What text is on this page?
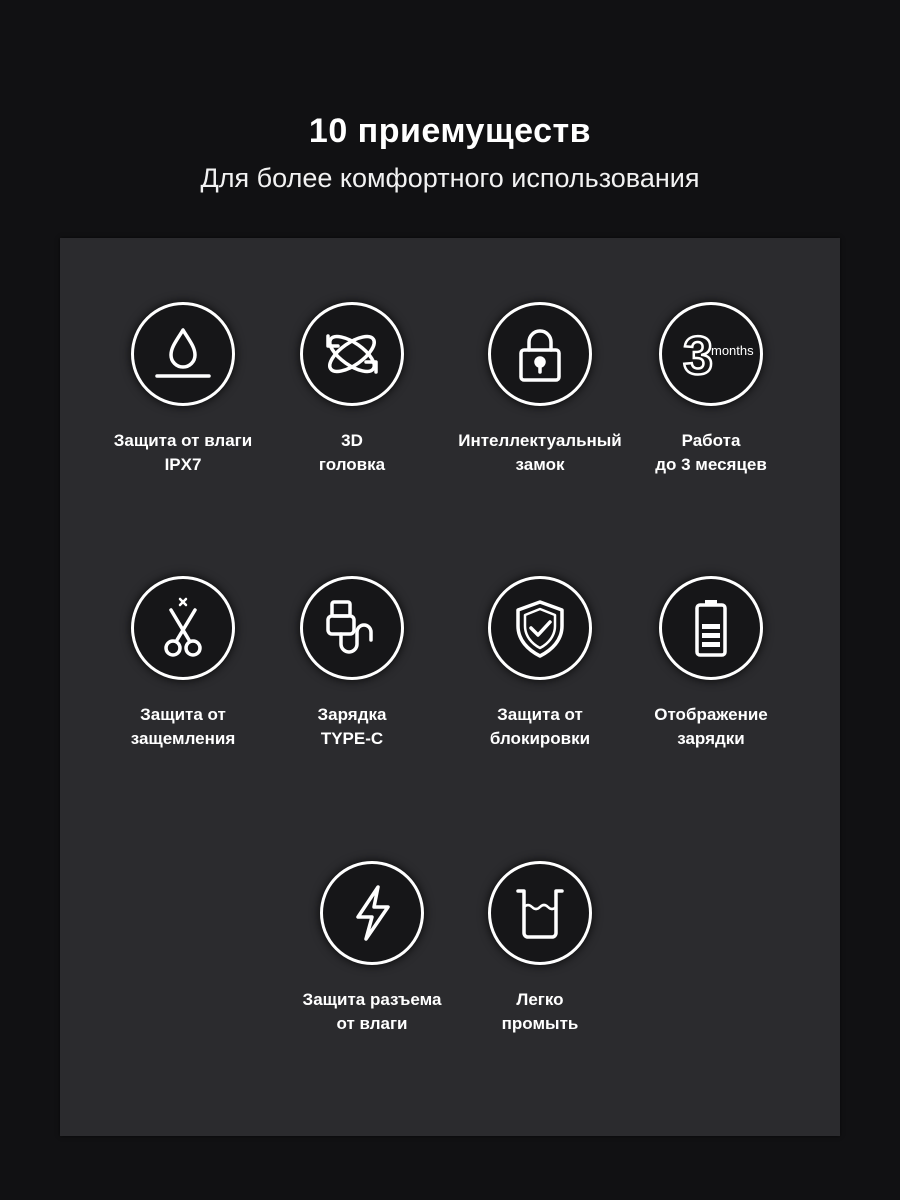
10 приемуществ
Для более комфортного использования
Защита от влаги
IPX7
3D
головка
Интеллектуальный
замок
3
months
Работа
до 3 месяцев
Защита от
защемления
Зарядка
TYPE-C
Защита от
блокировки
Отображение
зарядки
Защита разъема
от влаги
Легко
промыть
